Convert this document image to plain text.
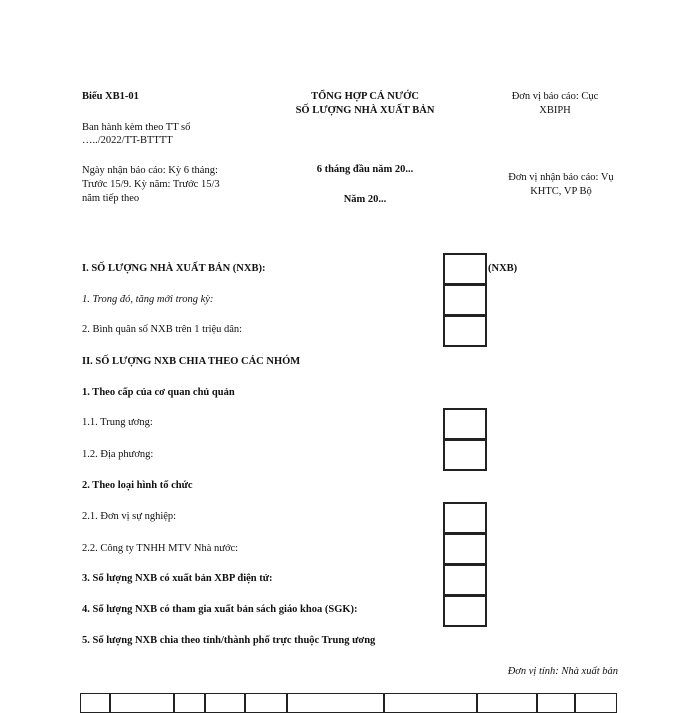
Biểu XB1-01	TỔNG HỢP CẢ NƯỚC
SỐ LƯỢNG NHÀ XUẤT BẢN
Đơn vị báo cáo: Cục
XBIPH
Ban hành kèm theo TT số
…../2022/TT-BTTTT
Ngày nhận báo cáo: Kỳ 6 tháng:
Trước 15/9. Kỳ năm: Trước 15/3
năm tiếp theo
6 tháng đầu năm 20...
Năm 20...
Đơn vị nhận báo cáo: Vụ
KHTC, VP Bộ
I. SỐ LƯỢNG NHÀ XUẤT BẢN (NXB):	(NXB)
1. Trong đó, tăng mới trong kỳ:
2. Bình quân số NXB trên 1 triệu dân:
II. SỐ LƯỢNG NXB CHIA THEO CÁC NHÓM
1. Theo cấp của cơ quan chủ quản
1.1. Trung ương:
1.2. Địa phương:
2. Theo loại hình tổ chức
2.1. Đơn vị sự nghiệp:
2.2. Công ty TNHH MTV Nhà nước:
3. Số lượng NXB có xuất bản XBP điện tử:
4. Số lượng NXB có tham gia xuất bản sách giáo khoa (SGK):
5. Số lượng NXB chia theo tỉnh/thành phố trực thuộc Trung ương
Đơn vị tính: Nhà xuất bản
